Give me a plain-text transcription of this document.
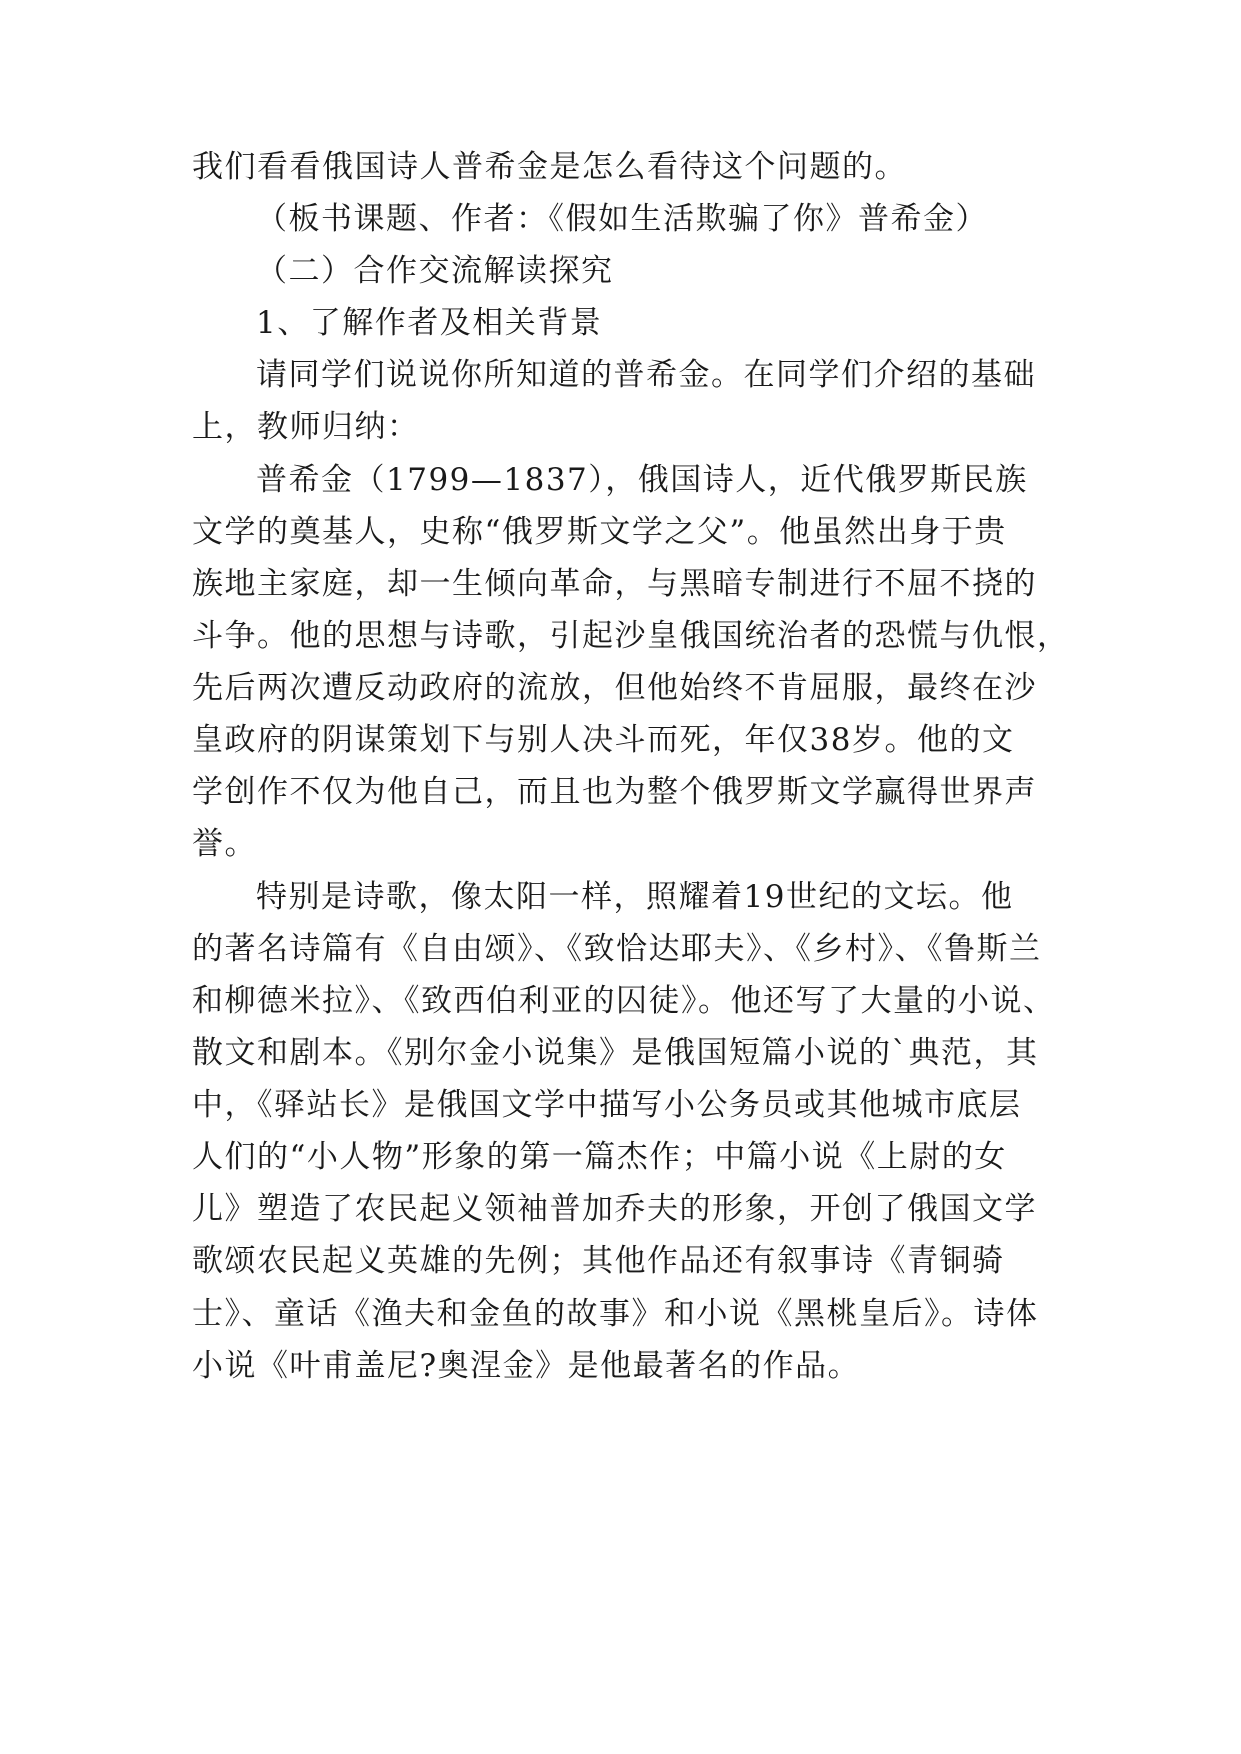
我们看看俄国诗人普希金是怎么看待这个问题的。
（板书课题、作者：《假如生活欺骗了你》普希金）
（二）合作交流解读探究
1、了解作者及相关背景
请同学们说说你所知道的普希金。在同学们介绍的基础
上，教师归纳：
普希金（1799—1837），俄国诗人，近代俄罗斯民族
文学的奠基人，史称“俄罗斯文学之父”。他虽然出身于贵
族地主家庭，却一生倾向革命，与黑暗专制进行不屈不挠的
斗争。他的思想与诗歌，引起沙皇俄国统治者的恐慌与仇恨，
先后两次遭反动政府的流放，但他始终不肯屈服，最终在沙
皇政府的阴谋策划下与别人决斗而死，年仅38岁。他的文
学创作不仅为他自己，而且也为整个俄罗斯文学赢得世界声
誉。
特别是诗歌，像太阳一样，照耀着19世纪的文坛。他
的著名诗篇有《自由颂》、《致恰达耶夫》、《乡村》、《鲁斯兰
和柳德米拉》、《致西伯利亚的囚徒》。他还写了大量的小说、
散文和剧本。《别尔金小说集》是俄国短篇小说的`典范，其
中，《驿站长》是俄国文学中描写小公务员或其他城市底层
人们的“小人物”形象的第一篇杰作；中篇小说《上尉的女
儿》塑造了农民起义领袖普加乔夫的形象，开创了俄国文学
歌颂农民起义英雄的先例；其他作品还有叙事诗《青铜骑
士》、童话《渔夫和金鱼的故事》和小说《黑桃皇后》。诗体
小说《叶甫盖尼?奥涅金》是他最著名的作品。
